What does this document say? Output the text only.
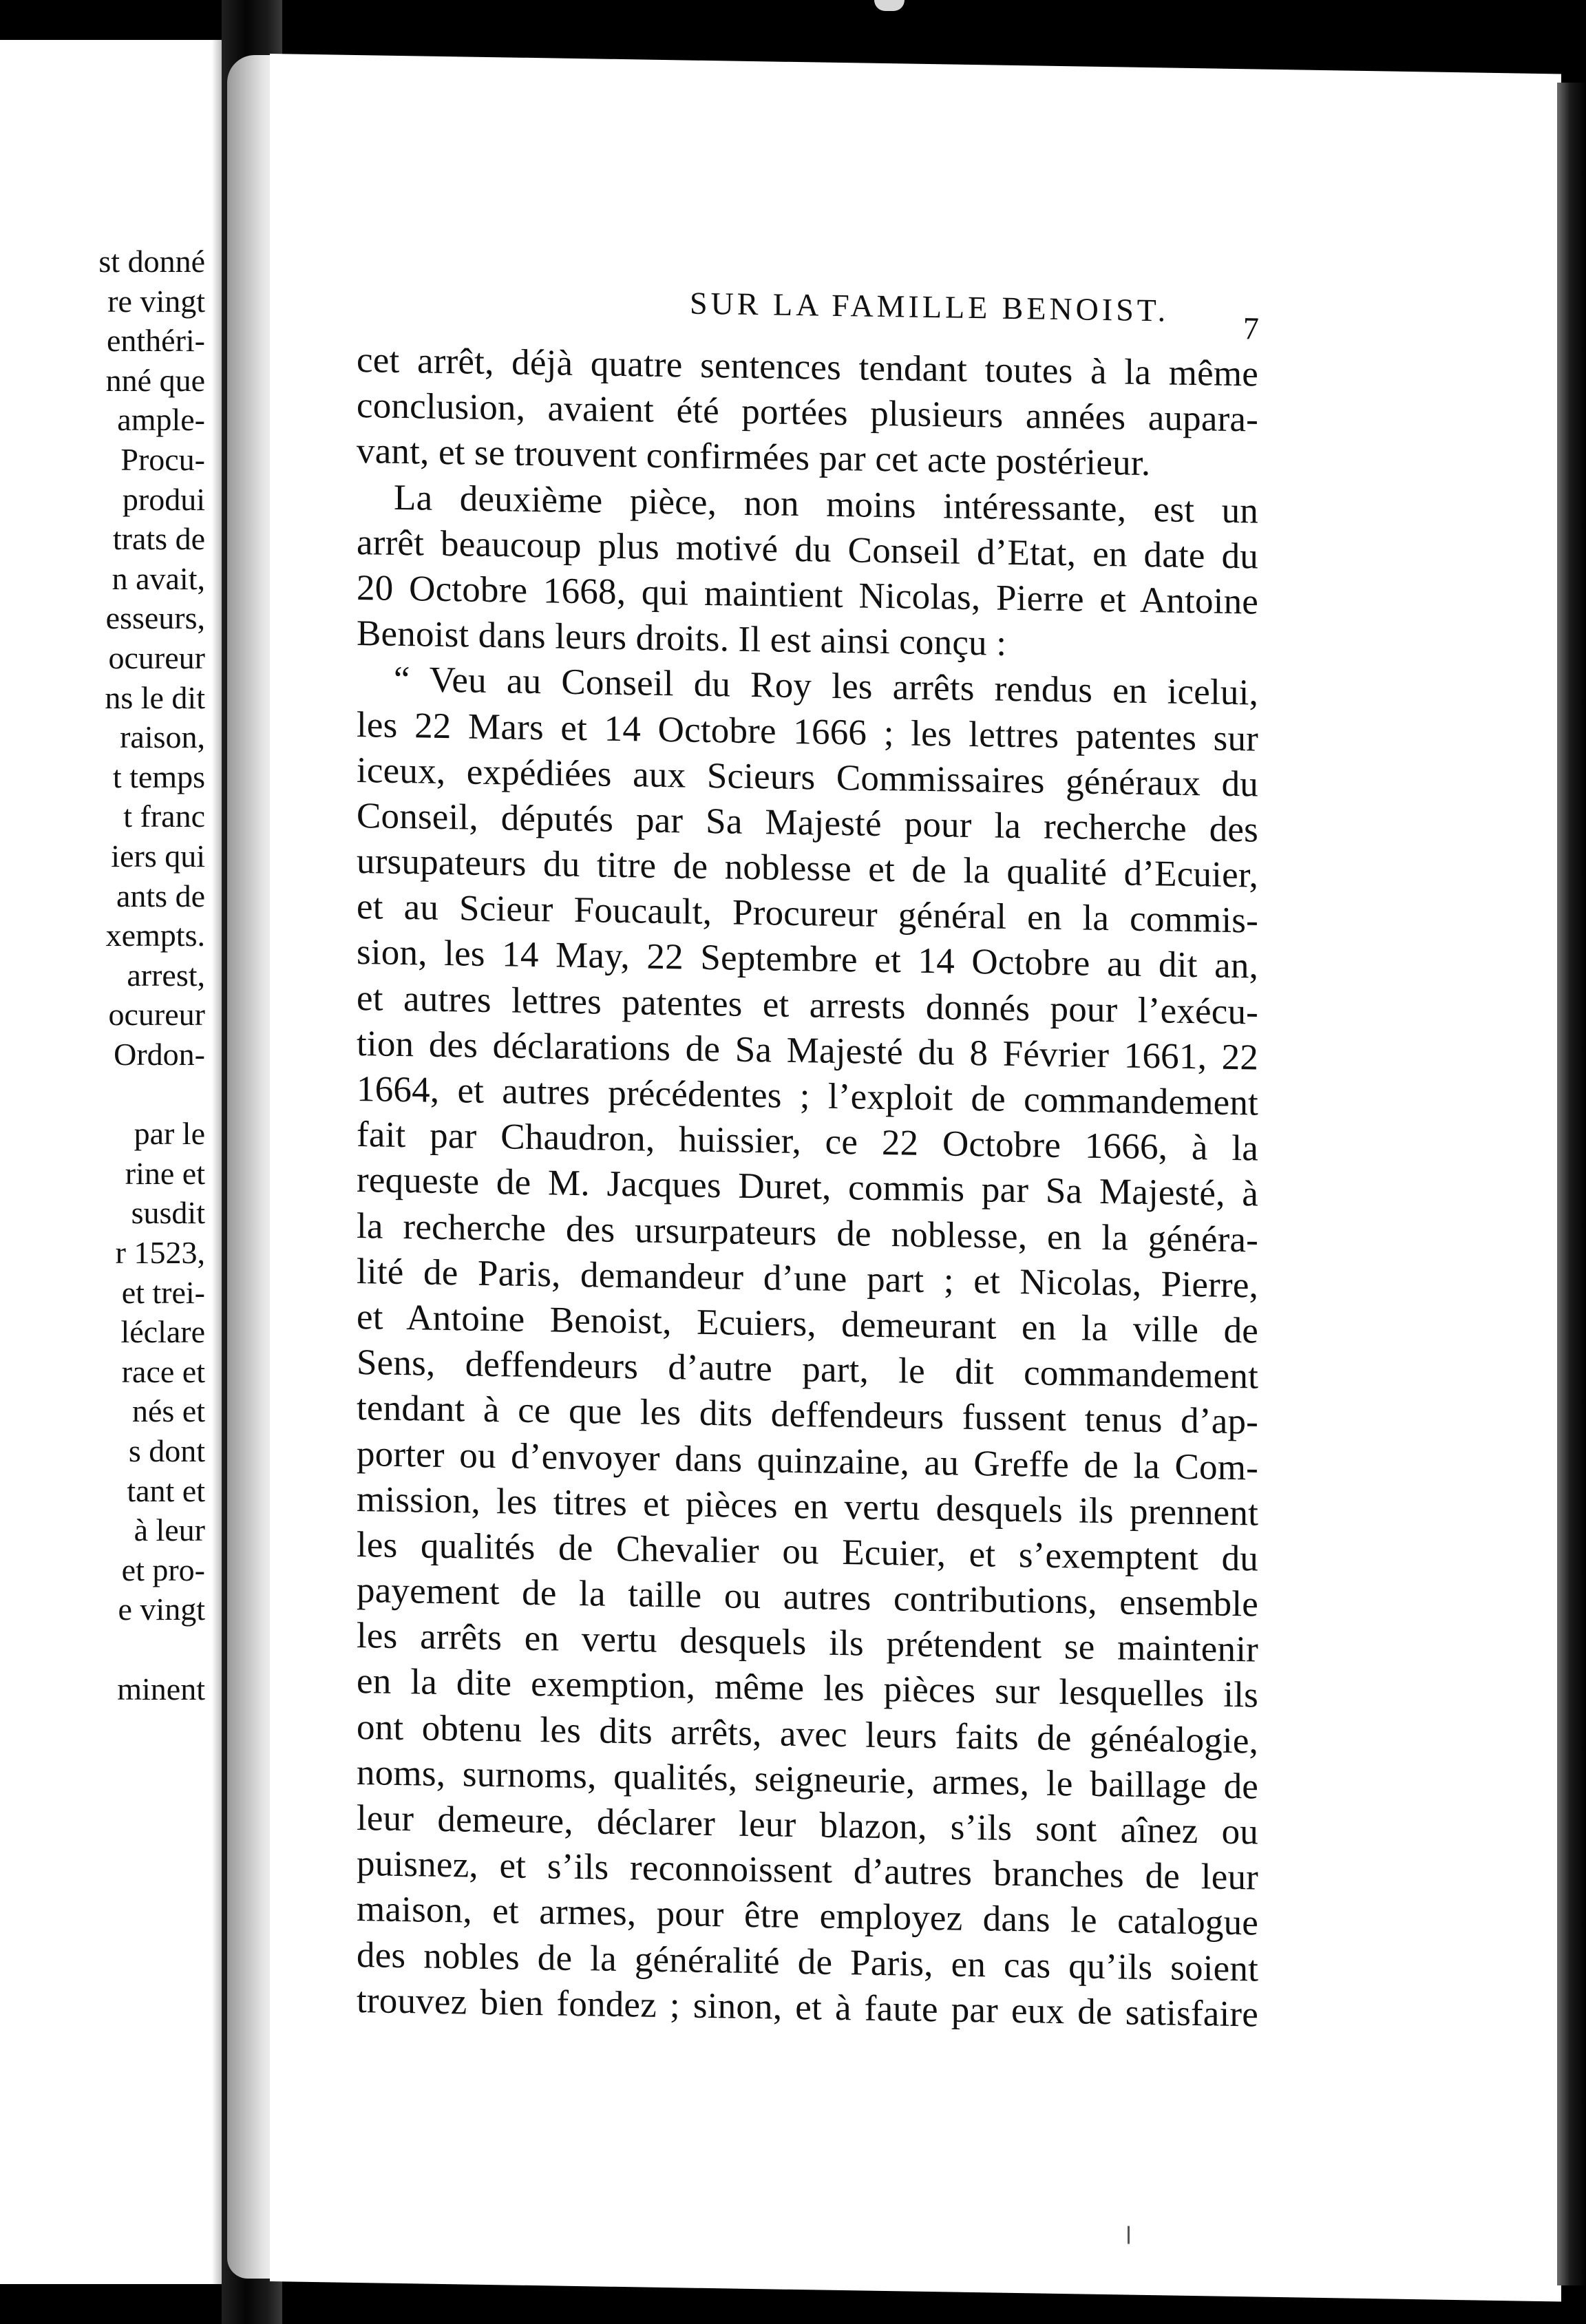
st donné
re vingt
enthéri-
nné que
ample-
Procu-
produi
trats de
n avait,
esseurs,
ocureur
ns le dit
raison,
t temps
t franc
iers qui
ants de
xempts.
arrest,
ocureur
Ordon-
par le
rine et
susdit
r 1523,
et trei-
léclare
race et
nés et
s dont
tant et
à leur
et pro-
e vingt
minent
SUR LA FAMILLE BENOIST.
7
cet arrêt, déjà quatre sentences tendant toutes à la même
conclusion, avaient été portées plusieurs années aupara-
vant, et se trouvent confirmées par cet acte postérieur.
La deuxième pièce, non moins intéressante, est un
arrêt beaucoup plus motivé du Conseil d’Etat, en date du
20 Octobre 1668, qui maintient Nicolas, Pierre et Antoine
Benoist dans leurs droits. Il est ainsi conçu :
“ Veu au Conseil du Roy les arrêts rendus en icelui,
les 22 Mars et 14 Octobre 1666 ; les lettres patentes sur
iceux, expédiées aux Scieurs Commissaires généraux du
Conseil, députés par Sa Majesté pour la recherche des
ursupateurs du titre de noblesse et de la qualité d’Ecuier,
et au Scieur Foucault, Procureur général en la commis-
sion, les 14 May, 22 Septembre et 14 Octobre au dit an,
et autres lettres patentes et arrests donnés pour l’exécu-
tion des déclarations de Sa Majesté du 8 Février 1661, 22
1664, et autres précédentes ; l’exploit de commandement
fait par Chaudron, huissier, ce 22 Octobre 1666, à la
requeste de M. Jacques Duret, commis par Sa Majesté, à
la recherche des ursurpateurs de noblesse, en la généra-
lité de Paris, demandeur d’une part ; et Nicolas, Pierre,
et Antoine Benoist, Ecuiers, demeurant en la ville de
Sens, deffendeurs d’autre part, le dit commandement
tendant à ce que les dits deffendeurs fussent tenus d’ap-
porter ou d’envoyer dans quinzaine, au Greffe de la Com-
mission, les titres et pièces en vertu desquels ils prennent
les qualités de Chevalier ou Ecuier, et s’exemptent du
payement de la taille ou autres contributions, ensemble
les arrêts en vertu desquels ils prétendent se maintenir
en la dite exemption, même les pièces sur lesquelles ils
ont obtenu les dits arrêts, avec leurs faits de généalogie,
noms, surnoms, qualités, seigneurie, armes, le baillage de
leur demeure, déclarer leur blazon, s’ils sont aînez ou
puisnez, et s’ils reconnoissent d’autres branches de leur
maison, et armes, pour être employez dans le catalogue
des nobles de la généralité de Paris, en cas qu’ils soient
trouvez bien fondez ; sinon, et à faute par eux de satisfaire
